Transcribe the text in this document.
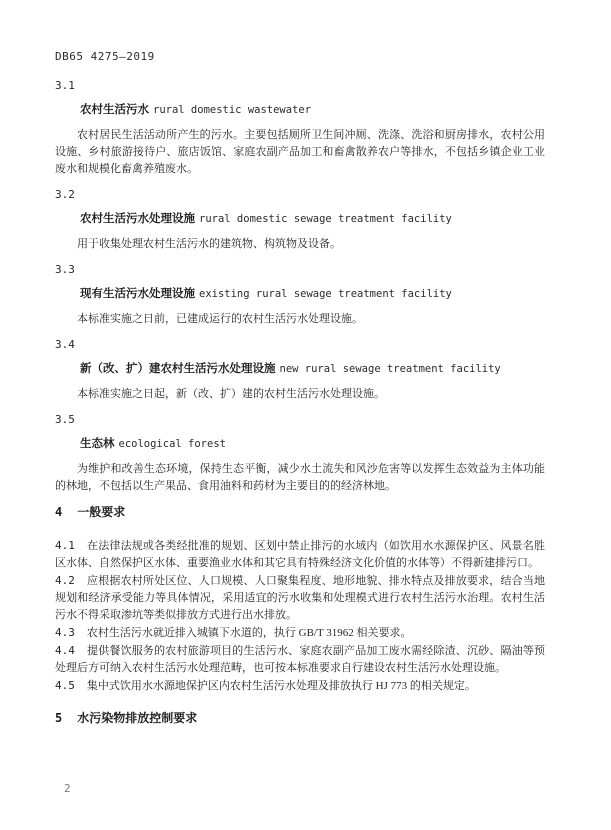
DB65 4275—2019

3.1

农村生活污水 rural domestic wastewater

农村居民生活活动所产生的污水。主要包括厕所卫生间冲厕、洗涤、洗浴和厨房排水，农村公用设施、乡村旅游接待户、旅店饭馆、家庭农副产品加工和畜禽散养农户等排水，不包括乡镇企业工业废水和规模化畜禽养殖废水。

3.2

农村生活污水处理设施 rural domestic sewage treatment facility

用于收集处理农村生活污水的建筑物、构筑物及设备。

3.3

现有生活污水处理设施 existing rural sewage treatment facility

本标准实施之日前，已建成运行的农村生活污水处理设施。

3.4

新（改、扩）建农村生活污水处理设施 new rural sewage treatment facility

本标准实施之日起，新（改、扩）建的农村生活污水处理设施。

3.5

生态林 ecological forest

为维护和改善生态环境，保持生态平衡，减少水土流失和风沙危害等以发挥生态效益为主体功能的林地，不包括以生产果品、食用油料和药材为主要目的的经济林地。

4 一般要求

4.1 在法律法规或各类经批准的规划、区划中禁止排污的水域内（如饮用水水源保护区、风景名胜区水体、自然保护区水体、重要渔业水体和其它具有特殊经济文化价值的水体等）不得新建排污口。

4.2 应根据农村所处区位、人口规模、人口聚集程度、地形地貌、排水特点及排放要求，结合当地规划和经济承受能力等具体情况，采用适宜的污水收集和处理模式进行农村生活污水治理。农村生活污水不得采取渗坑等类似排放方式进行出水排放。

4.3 农村生活污水就近排入城镇下水道的，执行 GB/T 31962 相关要求。

4.4 提供餐饮服务的农村旅游项目的生活污水、家庭农副产品加工废水需经除渣、沉砂、隔油等预处理后方可纳入农村生活污水处理范畴，也可按本标准要求自行建设农村生活污水处理设施。

4.5 集中式饮用水水源地保护区内农村生活污水处理及排放执行 HJ 773 的相关规定。

5 水污染物排放控制要求
2
